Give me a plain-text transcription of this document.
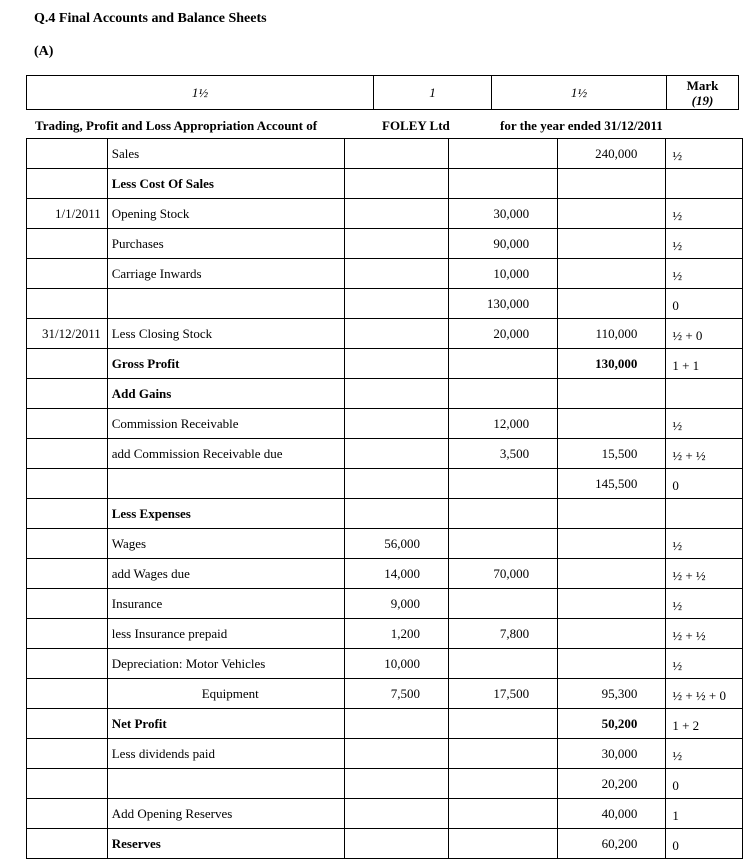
Q.4 Final Accounts and Balance Sheets
(A)
1½	1	1½	Mark
(19)
Trading, Profit and Loss Appropriation Account of	FOLEY Ltd	for the year ended 31/12/2011
	Sales			240,000	½
	Less Cost Of Sales				
1/1/2011	Opening Stock		30,000		½
	Purchases		90,000		½
	Carriage Inwards		10,000		½
			130,000		0
31/12/2011	Less Closing Stock		20,000	110,000	½ + 0
	Gross Profit			130,000	1 + 1
	Add Gains				
	Commission Receivable		12,000		½
	add Commission Receivable due		3,500	15,500	½ + ½
				145,500	0
	Less Expenses				
	Wages	56,000			½
	add Wages due	14,000	70,000		½ + ½
	Insurance	9,000			½
	less Insurance prepaid	1,200	7,800		½ + ½
	Depreciation: Motor Vehicles	10,000			½
	Equipment	7,500	17,500	95,300	½ + ½ + 0
	Net Profit			50,200	1 + 2
	Less dividends paid			30,000	½
				20,200	0
	Add Opening Reserves			40,000	1
	Reserves			60,200	0
